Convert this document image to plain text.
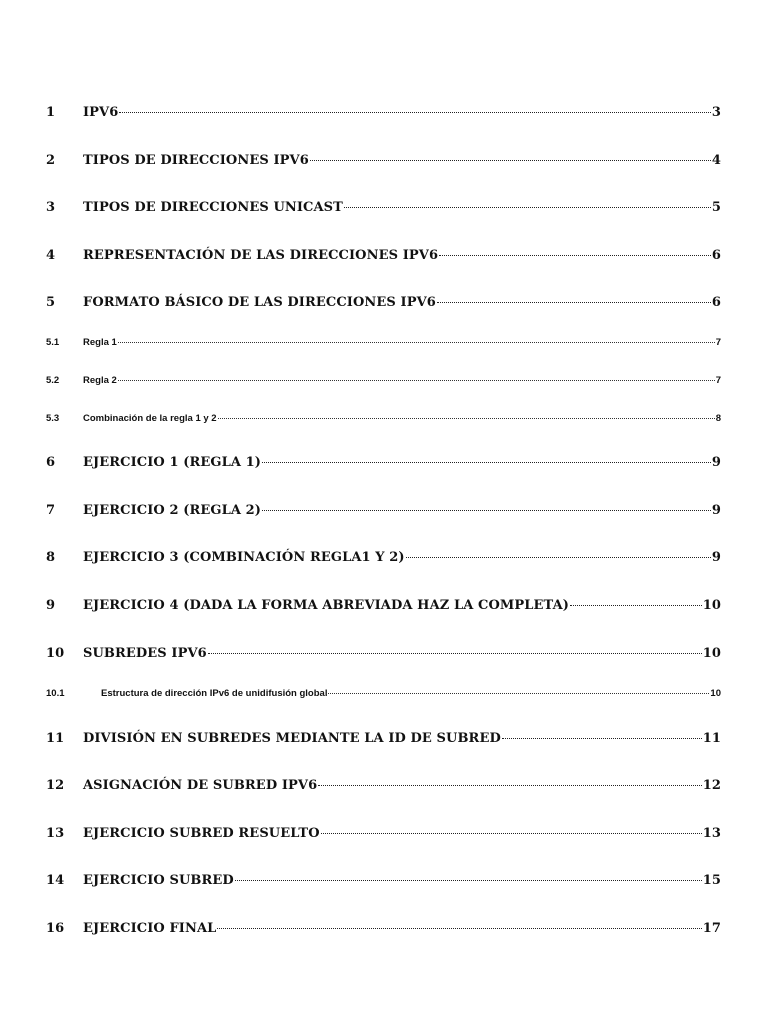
1	IPV6	3
2	TIPOS DE DIRECCIONES IPV6	4
3	TIPOS DE DIRECCIONES UNICAST	5
4	REPRESENTACIÓN DE LAS DIRECCIONES IPV6	6
5	FORMATO BÁSICO DE LAS DIRECCIONES IPV6	6
5.1	Regla 1	7
5.2	Regla 2	7
5.3	Combinación de la regla 1 y 2	8
6	EJERCICIO 1 (REGLA 1)	9
7	EJERCICIO 2 (REGLA 2)	9
8	EJERCICIO 3 (COMBINACIÓN REGLA1 Y 2)	9
9	EJERCICIO 4 (DADA LA FORMA ABREVIADA HAZ LA COMPLETA)	10
10	SUBREDES IPV6	10
10.1	Estructura de dirección IPv6 de unidifusión global	10
11	DIVISIÓN EN SUBREDES MEDIANTE LA ID DE SUBRED	11
12	ASIGNACIÓN DE SUBRED IPV6	12
13	EJERCICIO SUBRED RESUELTO	13
14	EJERCICIO SUBRED	15
16	EJERCICIO FINAL	17
